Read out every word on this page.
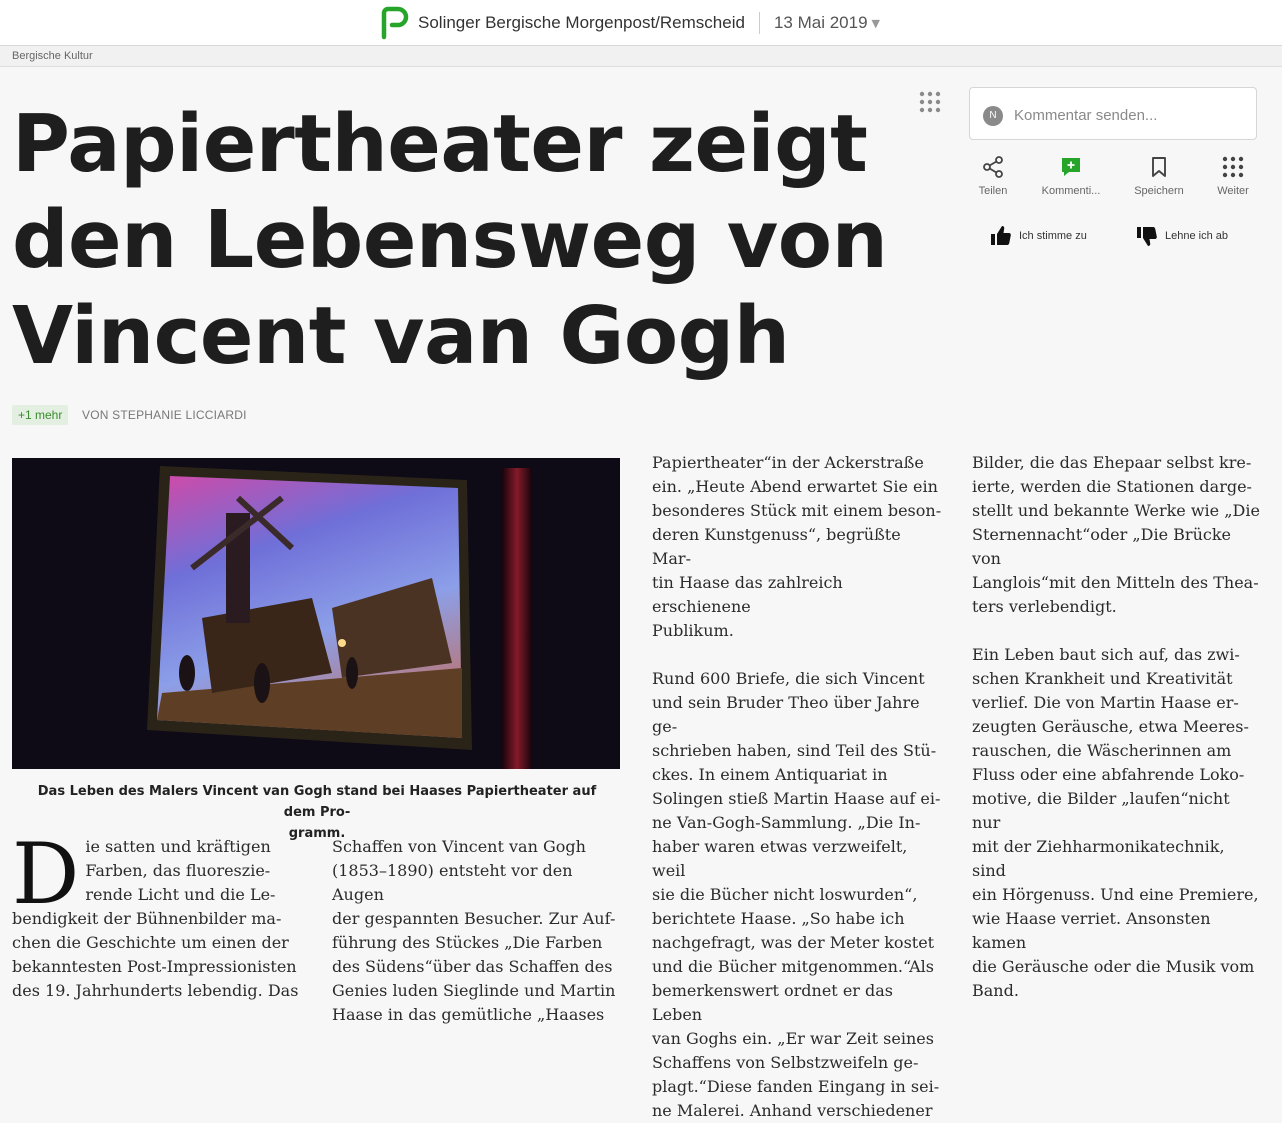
Solinger Bergische Morgenpost/Remscheid 13 Mai 2019 ▼
Bergische Kultur
Papiertheater zeigt
den Lebensweg von
Vincent van Gogh
+1 mehr	VON STEPHANIE LICCIARDI
N
Kommentar senden...
Teilen	Kommenti...	Speichern	Weiter
Ich stimme zu	Lehne ich ab
Das Leben des Malers Vincent van Gogh stand bei Haases Papiertheater auf dem Pro-
gramm.
D ie satten und kräftigen

Farben, das fluoreszie-

rende Licht und die Le-

bendigkeit der Bühnenbilder ma-

chen die Geschichte um einen der

bekanntesten Post-Impressionisten

des 19. Jahrhunderts lebendig. Das

Schaffen von Vincent van Gogh

(1853–1890) entsteht vor den Augen

der gespannten Besucher. Zur Auf-

führung des Stückes „Die Farben

des Südens“über das Schaffen des

Genies luden Sieglinde und Martin

Haase in das gemütliche „Haases

Papiertheater“in der Ackerstraße

ein. „Heute Abend erwartet Sie ein

besonderes Stück mit einem beson-

deren Kunstgenuss“, begrüßte Mar-

tin Haase das zahlreich erschienene

Publikum.

Rund 600 Briefe, die sich Vincent

und sein Bruder Theo über Jahre ge-

schrieben haben, sind Teil des Stü-

ckes. In einem Antiquariat in

Solingen stieß Martin Haase auf ei-

ne Van-Gogh-Sammlung. „Die In-

haber waren etwas verzweifelt, weil

sie die Bücher nicht loswurden“,

berichtete Haase. „So habe ich

nachgefragt, was der Meter kostet

und die Bücher mitgenommen.“Als

bemerkenswert ordnet er das Leben

van Goghs ein. „Er war Zeit seines

Schaffens von Selbstzweifeln ge-

plagt.“Diese fanden Eingang in sei-

ne Malerei. Anhand verschiedener

Bilder, die das Ehepaar selbst kre-

ierte, werden die Stationen darge-

stellt und bekannte Werke wie „Die

Sternennacht“oder „Die Brücke von

Langlois“mit den Mitteln des Thea-

ters verlebendigt.

Ein Leben baut sich auf, das zwi-

schen Krankheit und Kreativität

verlief. Die von Martin Haase er-

zeugten Geräusche, etwa Meeres-

rauschen, die Wäscherinnen am

Fluss oder eine abfahrende Loko-

motive, die Bilder „laufen“nicht nur

mit der Ziehharmonikatechnik, sind

ein Hörgenuss. Und eine Premiere,

wie Haase verriet. Ansonsten kamen

die Geräusche oder die Musik vom

Band.
